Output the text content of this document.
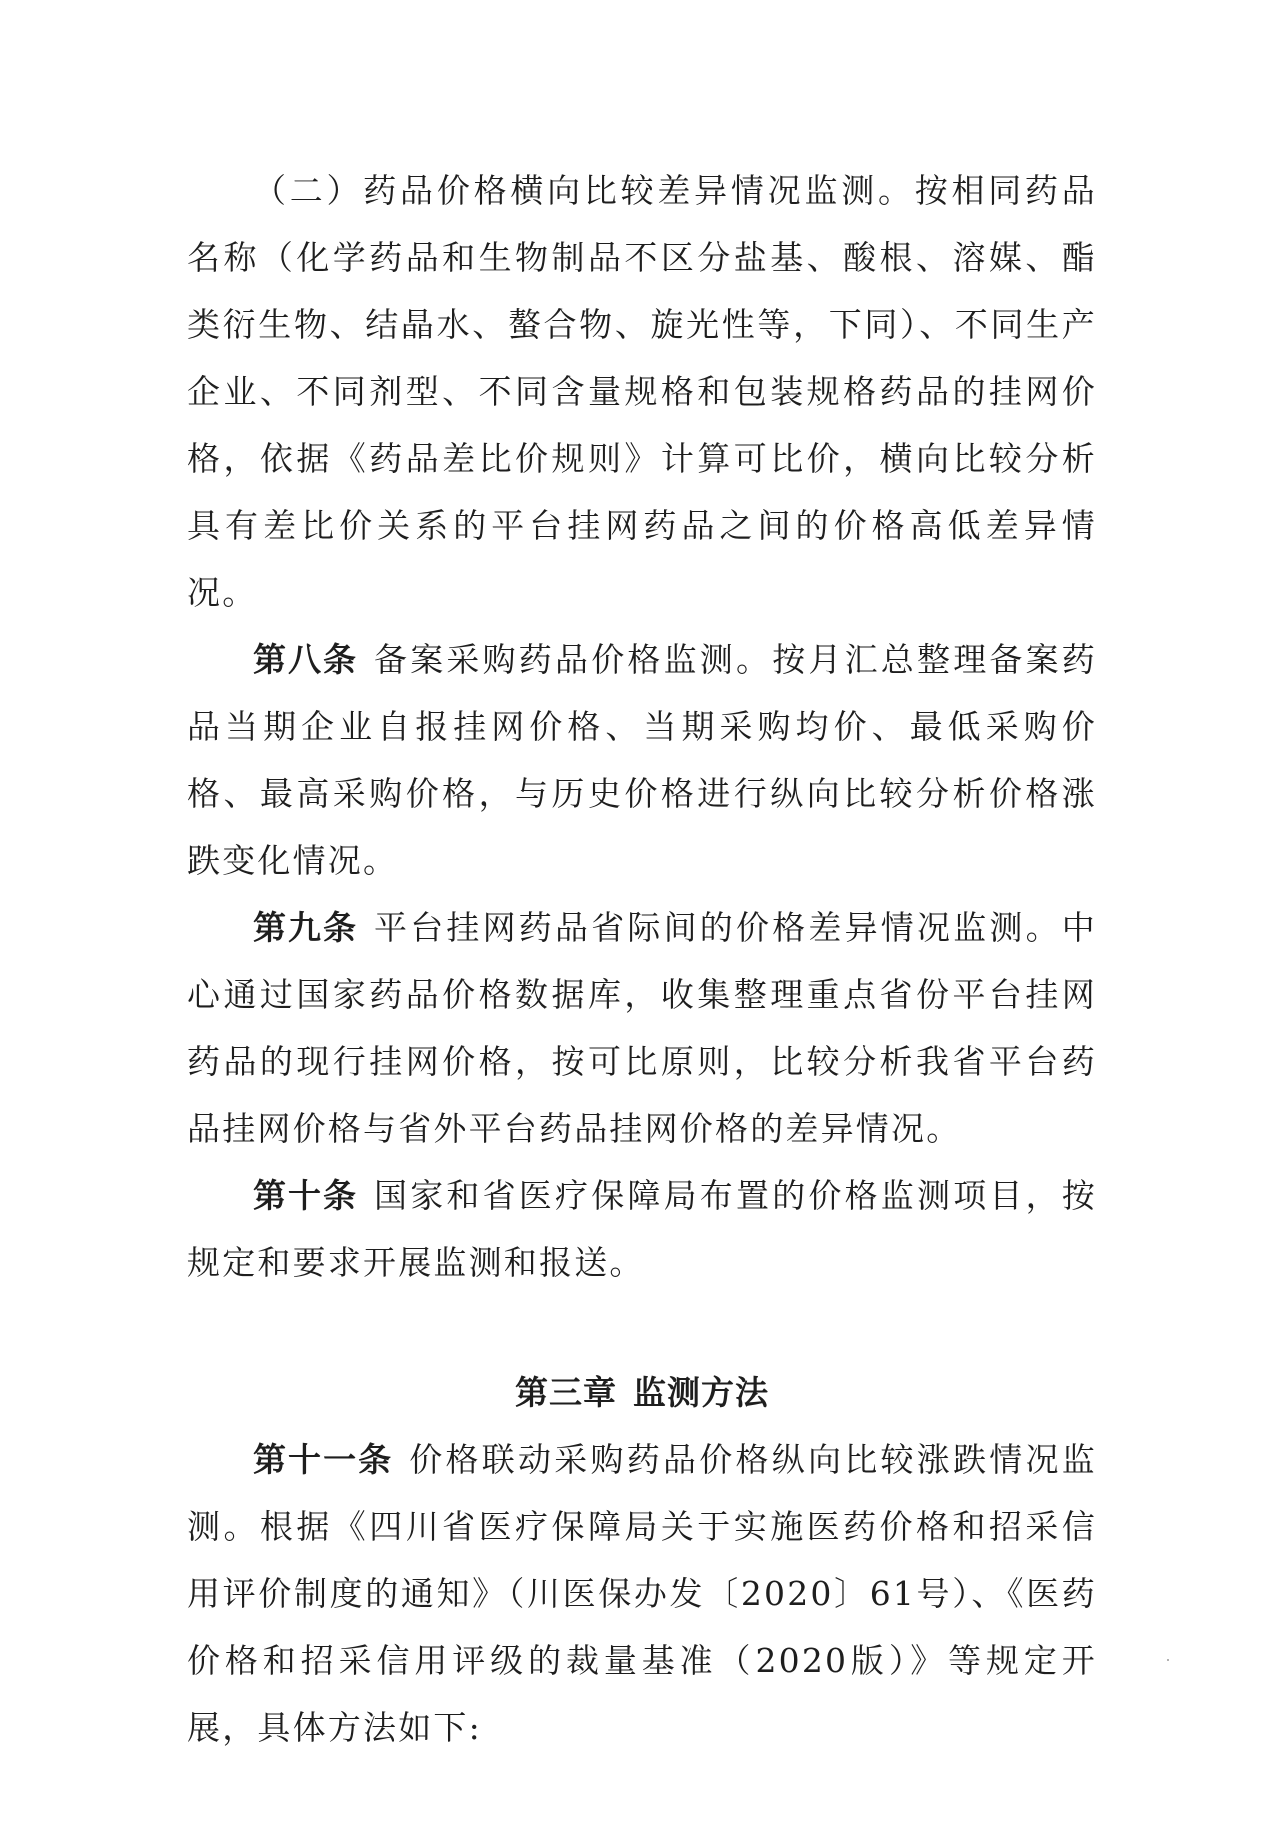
（二）药品价格横向比较差异情况监测。按相同药品名称（化学药品和生物制品不区分盐基、酸根、溶媒、酯类衍生物、结晶水、螯合物、旋光性等，下同）、不同生产企业、不同剂型、不同含量规格和包装规格药品的挂网价格，依据《药品差比价规则》计算可比价，横向比较分析具有差比价关系的平台挂网药品之间的价格高低差异情况。

第八条 备案采购药品价格监测。按月汇总整理备案药品当期企业自报挂网价格、当期采购均价、最低采购价格、最高采购价格，与历史价格进行纵向比较分析价格涨跌变化情况。

第九条 平台挂网药品省际间的价格差异情况监测。中心通过国家药品价格数据库，收集整理重点省份平台挂网药品的现行挂网价格，按可比原则，比较分析我省平台药品挂网价格与省外平台药品挂网价格的差异情况。

第十条 国家和省医疗保障局布置的价格监测项目，按规定和要求开展监测和报送。

第三章 监测方法

第十一条 价格联动采购药品价格纵向比较涨跌情况监测。根据《四川省医疗保障局关于实施医药价格和招采信用评价制度的通知》（川医保办发〔2020〕61号）、《医药价格和招采信用评级的裁量基准（2020版）》等规定开展，具体方法如下:
